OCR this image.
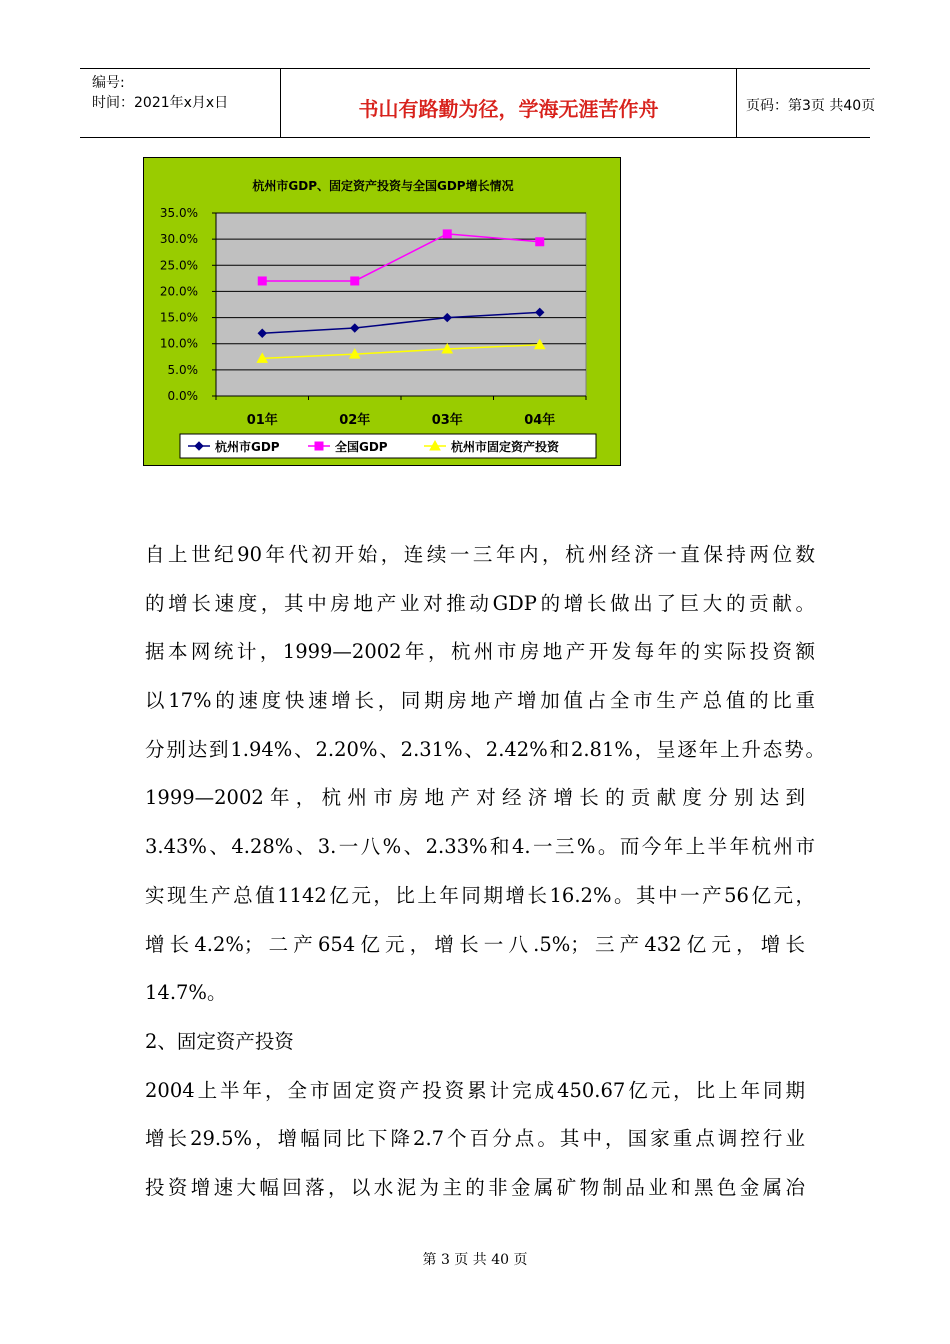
编号:
时间：2021年x月x日	书山有路勤为径，学海无涯苦作舟	页码：第3页 共40页
杭州市GDP、固定资产投资与全国GDP增长情况
35.0%
30.0%
25.0%
20.0%
15.0%
10.0%
5.0%
0.0%
01年	02年	03年	04年
杭州市GDP	全国GDP	杭州市固定资产投资
自上世纪90年代初开始，连续一三年内，杭州经济一直保持两位数
的增长速度，其中房地产业对推动GDP的增长做出了巨大的贡献。
据本网统计，1999—2002年，杭州市房地产开发每年的实际投资额
以17%的速度快速增长，同期房地产增加值占全市生产总值的比重
分别达到1.94%、2.20%、2.31%、2.42%和2.81%，呈逐年上升态势。
1999—2002年，杭州市房地产对经济增长的贡献度分别达到
3.43%、4.28%、3.一八%、2.33%和4.一三%。而今年上半年杭州市
实现生产总值1142亿元，比上年同期增长16.2%。其中一产56亿元，
增长4.2%；二产654亿元，增长一八.5%；三产432亿元，增长
14.7%。
2、固定资产投资
2004上半年，全市固定资产投资累计完成450.67亿元，比上年同期
增长29.5%，增幅同比下降2.7个百分点。其中，国家重点调控行业
投资增速大幅回落，以水泥为主的非金属矿物制品业和黑色金属冶
第 3 页 共 40 页
